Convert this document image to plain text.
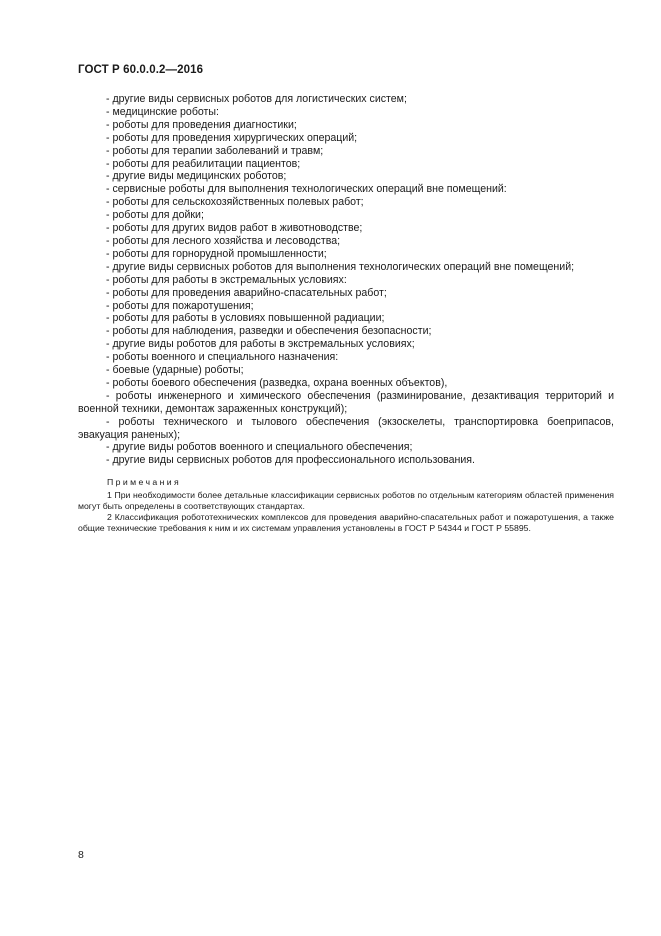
ГОСТ Р 60.0.0.2—2016
- другие виды сервисных роботов для логистических систем;
- медицинские роботы:
- роботы для проведения диагностики;
- роботы для проведения хирургических операций;
- роботы для терапии заболеваний и травм;
- роботы для реабилитации пациентов;
- другие виды медицинских роботов;
- сервисные роботы для выполнения технологических операций вне помещений:
- роботы для сельскохозяйственных полевых работ;
- роботы для дойки;
- роботы для других видов работ в животноводстве;
- роботы для лесного хозяйства и лесоводства;
- роботы для горнорудной промышленности;
- другие виды сервисных роботов для выполнения технологических операций вне помещений;
- роботы для работы в экстремальных условиях:
- роботы для проведения аварийно-спасательных работ;
- роботы для пожаротушения;
- роботы для работы в условиях повышенной радиации;
- роботы для наблюдения, разведки и обеспечения безопасности;
- другие виды роботов для работы в экстремальных условиях;
- роботы военного и специального назначения:
- боевые (ударные) роботы;
- роботы боевого обеспечения (разведка, охрана военных объектов),
- роботы инженерного и химического обеспечения (разминирование, дезактивация территорий и военной техники, демонтаж зараженных конструкций);
- роботы технического и тылового обеспечения (экзоскелеты, транспортировка боеприпасов, эвакуация раненых);
- другие виды роботов военного и специального обеспечения;
- другие виды сервисных роботов для профессионального использования.
Примечания
1 При необходимости более детальные классификации сервисных роботов по отдельным категориям областей применения могут быть определены в соответствующих стандартах.
2 Классификация робототехнических комплексов для проведения аварийно-спасательных работ и пожаротушения, а также общие технические требования к ним и их системам управления установлены в ГОСТ Р 54344 и ГОСТ Р 55895.
8
